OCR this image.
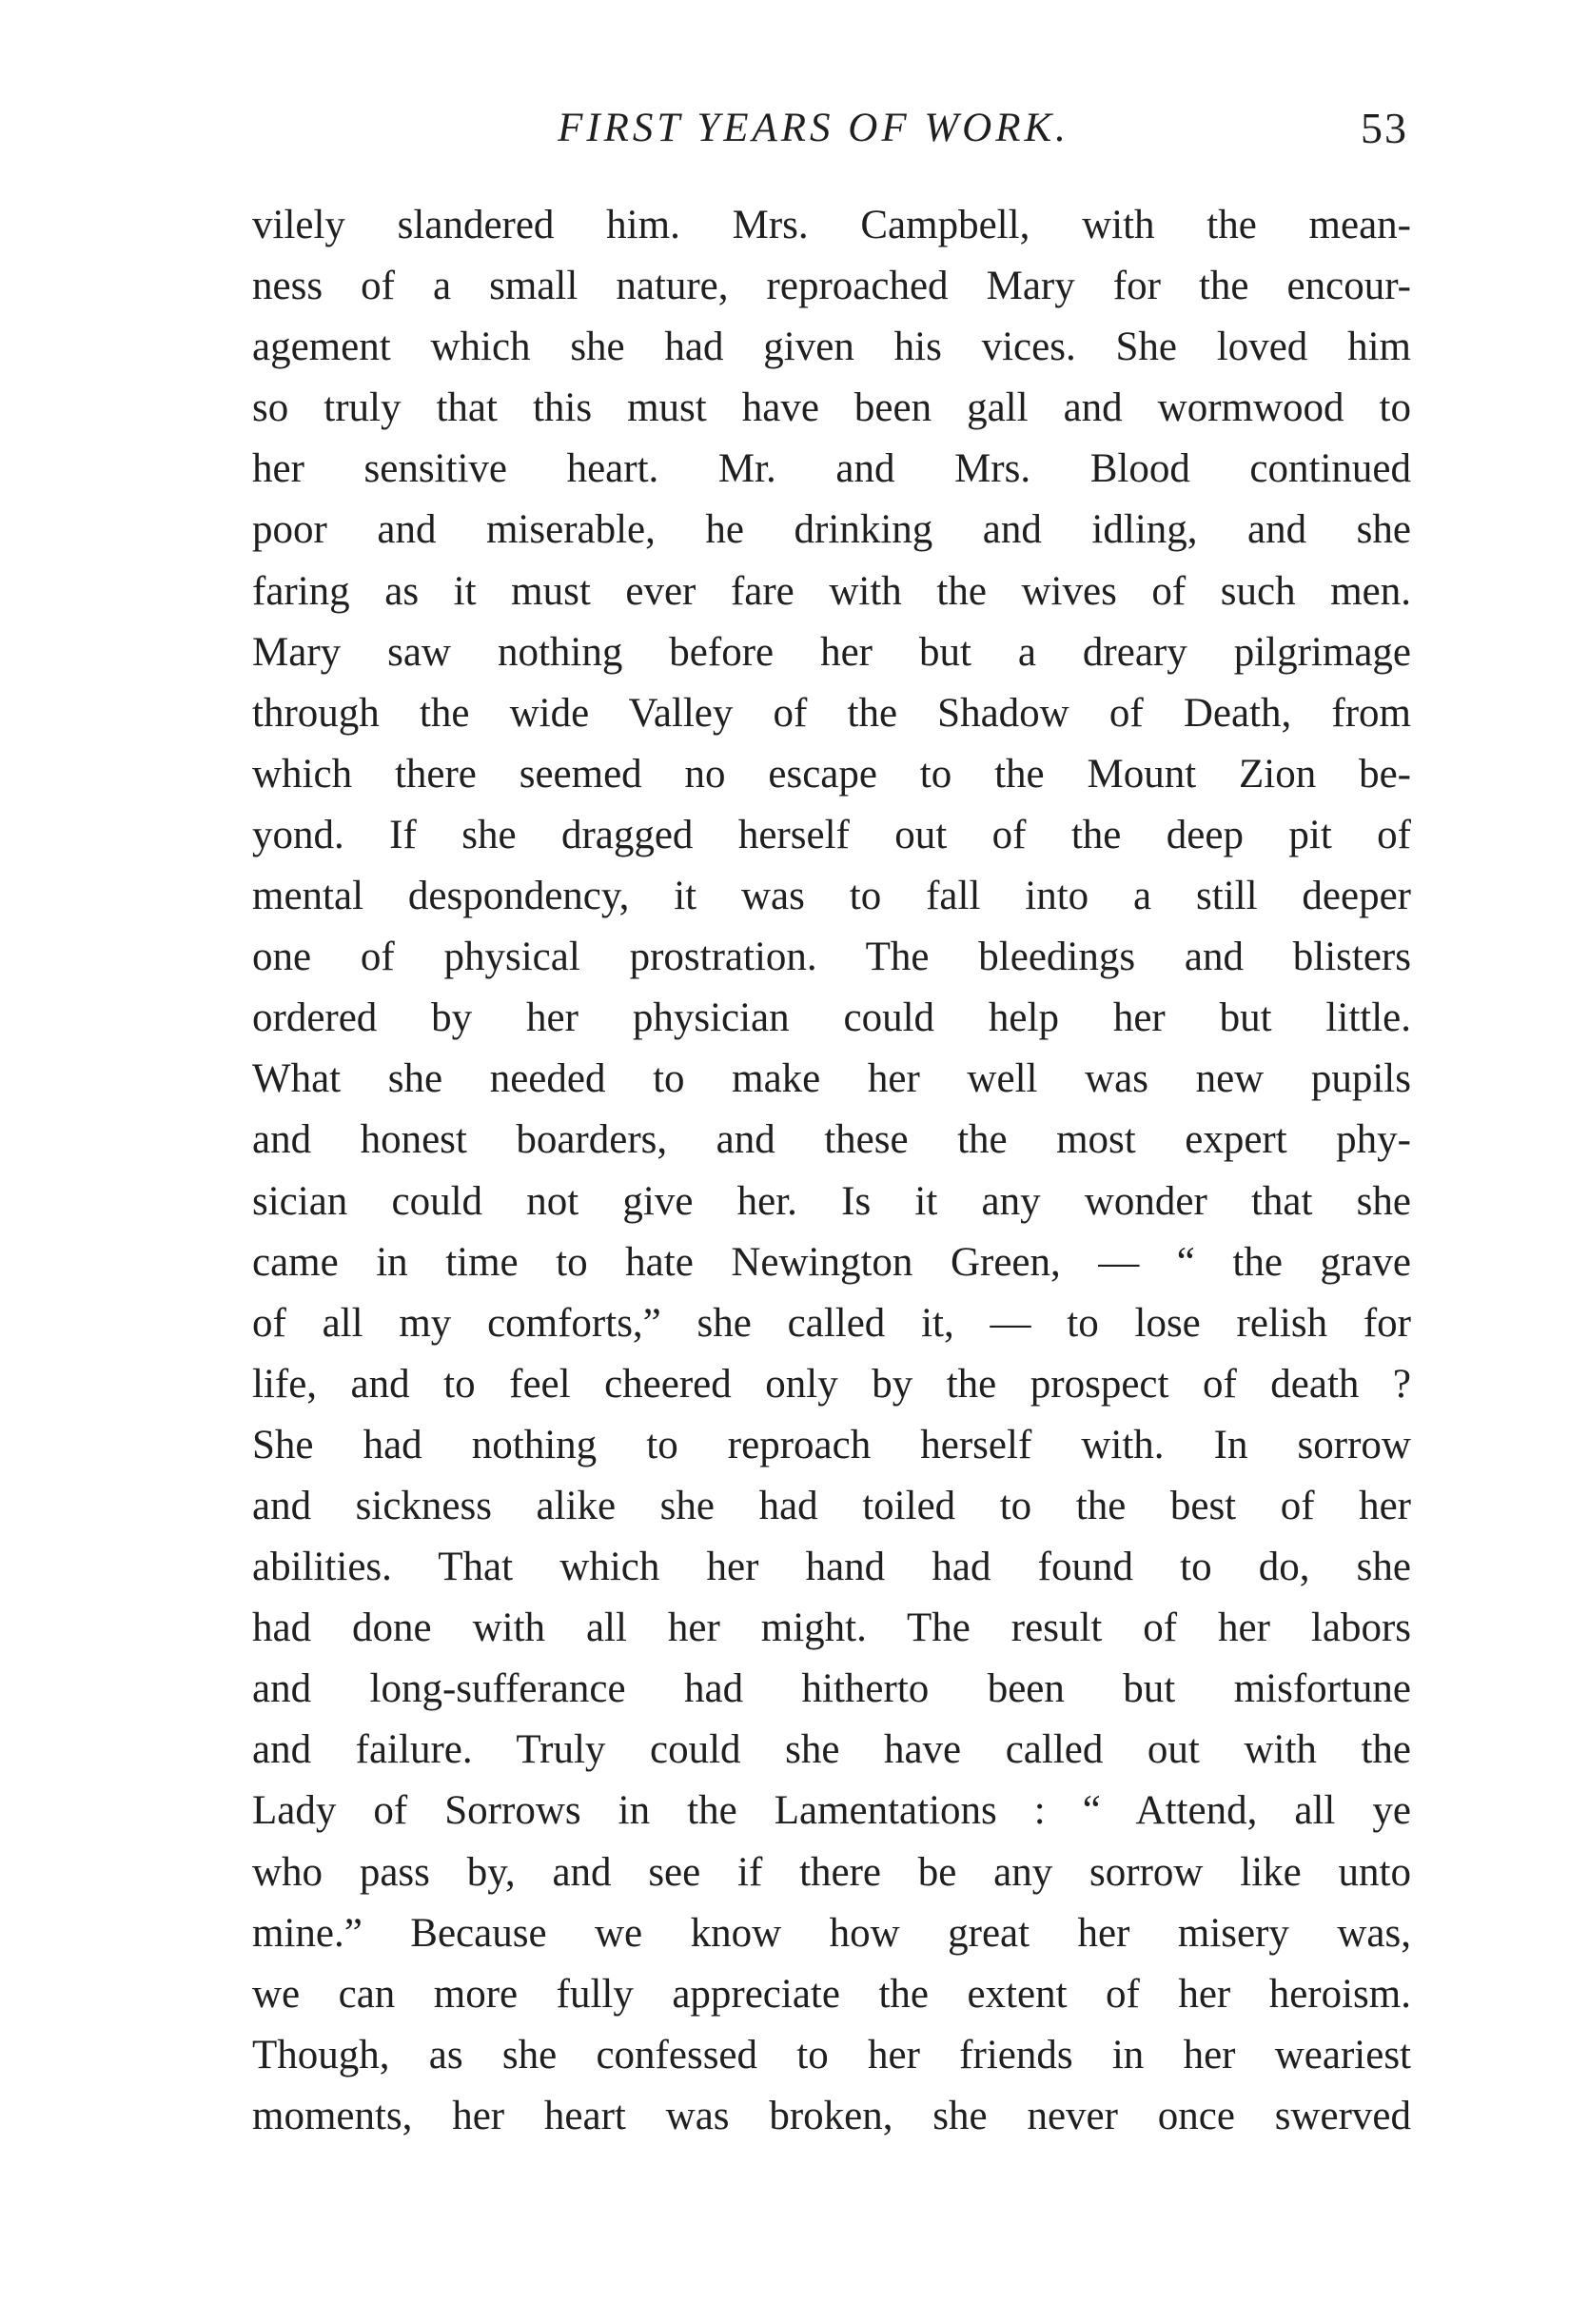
FIRST YEARS OF WORK.	53
vilely slandered him. Mrs. Campbell, with the mean-
ness of a small nature, reproached Mary for the encour-
agement which she had given his vices. She loved him
so truly that this must have been gall and wormwood to
her sensitive heart. Mr. and Mrs. Blood continued
poor and miserable, he drinking and idling, and she
faring as it must ever fare with the wives of such men.
Mary saw nothing before her but a dreary pilgrimage
through the wide Valley of the Shadow of Death, from
which there seemed no escape to the Mount Zion be-
yond. If she dragged herself out of the deep pit of
mental despondency, it was to fall into a still deeper
one of physical prostration. The bleedings and blisters
ordered by her physician could help her but little.
What she needed to make her well was new pupils
and honest boarders, and these the most expert phy-
sician could not give her. Is it any wonder that she
came in time to hate Newington Green, — “ the grave
of all my comforts,” she called it, — to lose relish for
life, and to feel cheered only by the prospect of death ?
She had nothing to reproach herself with. In sorrow
and sickness alike she had toiled to the best of her
abilities. That which her hand had found to do, she
had done with all her might. The result of her labors
and long-sufferance had hitherto been but misfortune
and failure. Truly could she have called out with the
Lady of Sorrows in the Lamentations : “ Attend, all ye
who pass by, and see if there be any sorrow like unto
mine.” Because we know how great her misery was,
we can more fully appreciate the extent of her heroism.
Though, as she confessed to her friends in her weariest
moments, her heart was broken, she never once swerved
